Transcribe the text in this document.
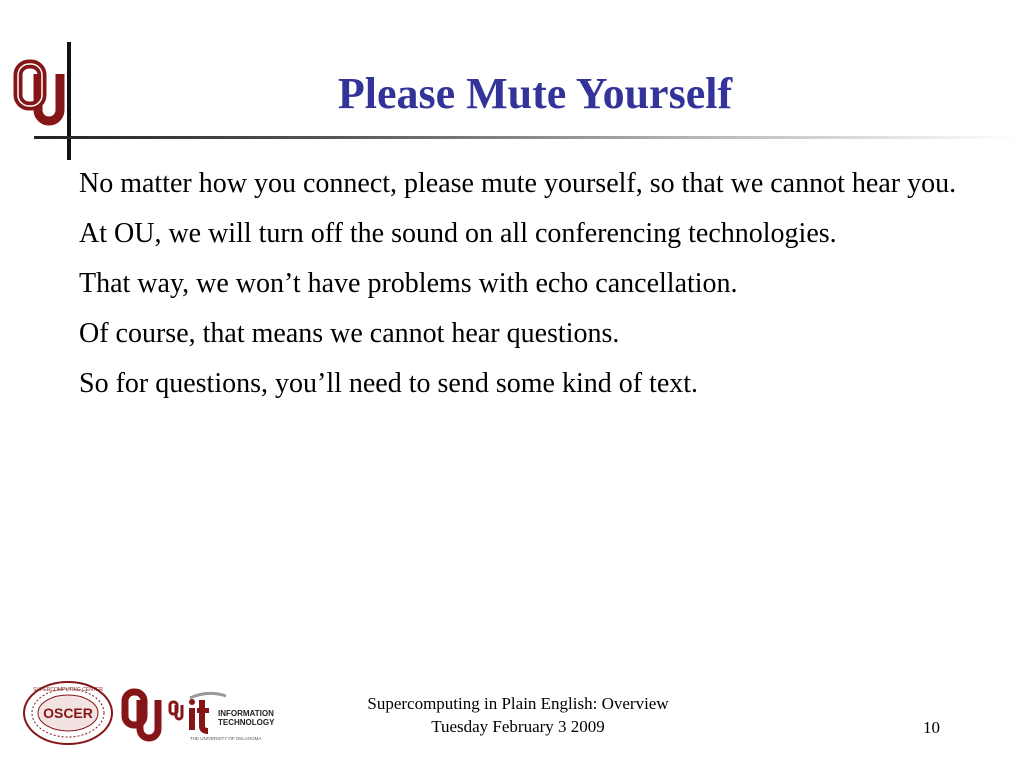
Please Mute Yourself
No matter how you connect, please mute yourself, so that we cannot hear you.
At OU, we will turn off the sound on all conferencing technologies.
That way, we won’t have problems with echo cancellation.
Of course, that means we cannot hear questions.
So for questions, you’ll need to send some kind of text.
OSCER
SUPERCOMPUTING CENTER
INFORMATION
TECHNOLOGY
THE UNIVERSITY OF OKLAHOMA
Supercomputing in Plain English: Overview
Tuesday February 3 2009	10
